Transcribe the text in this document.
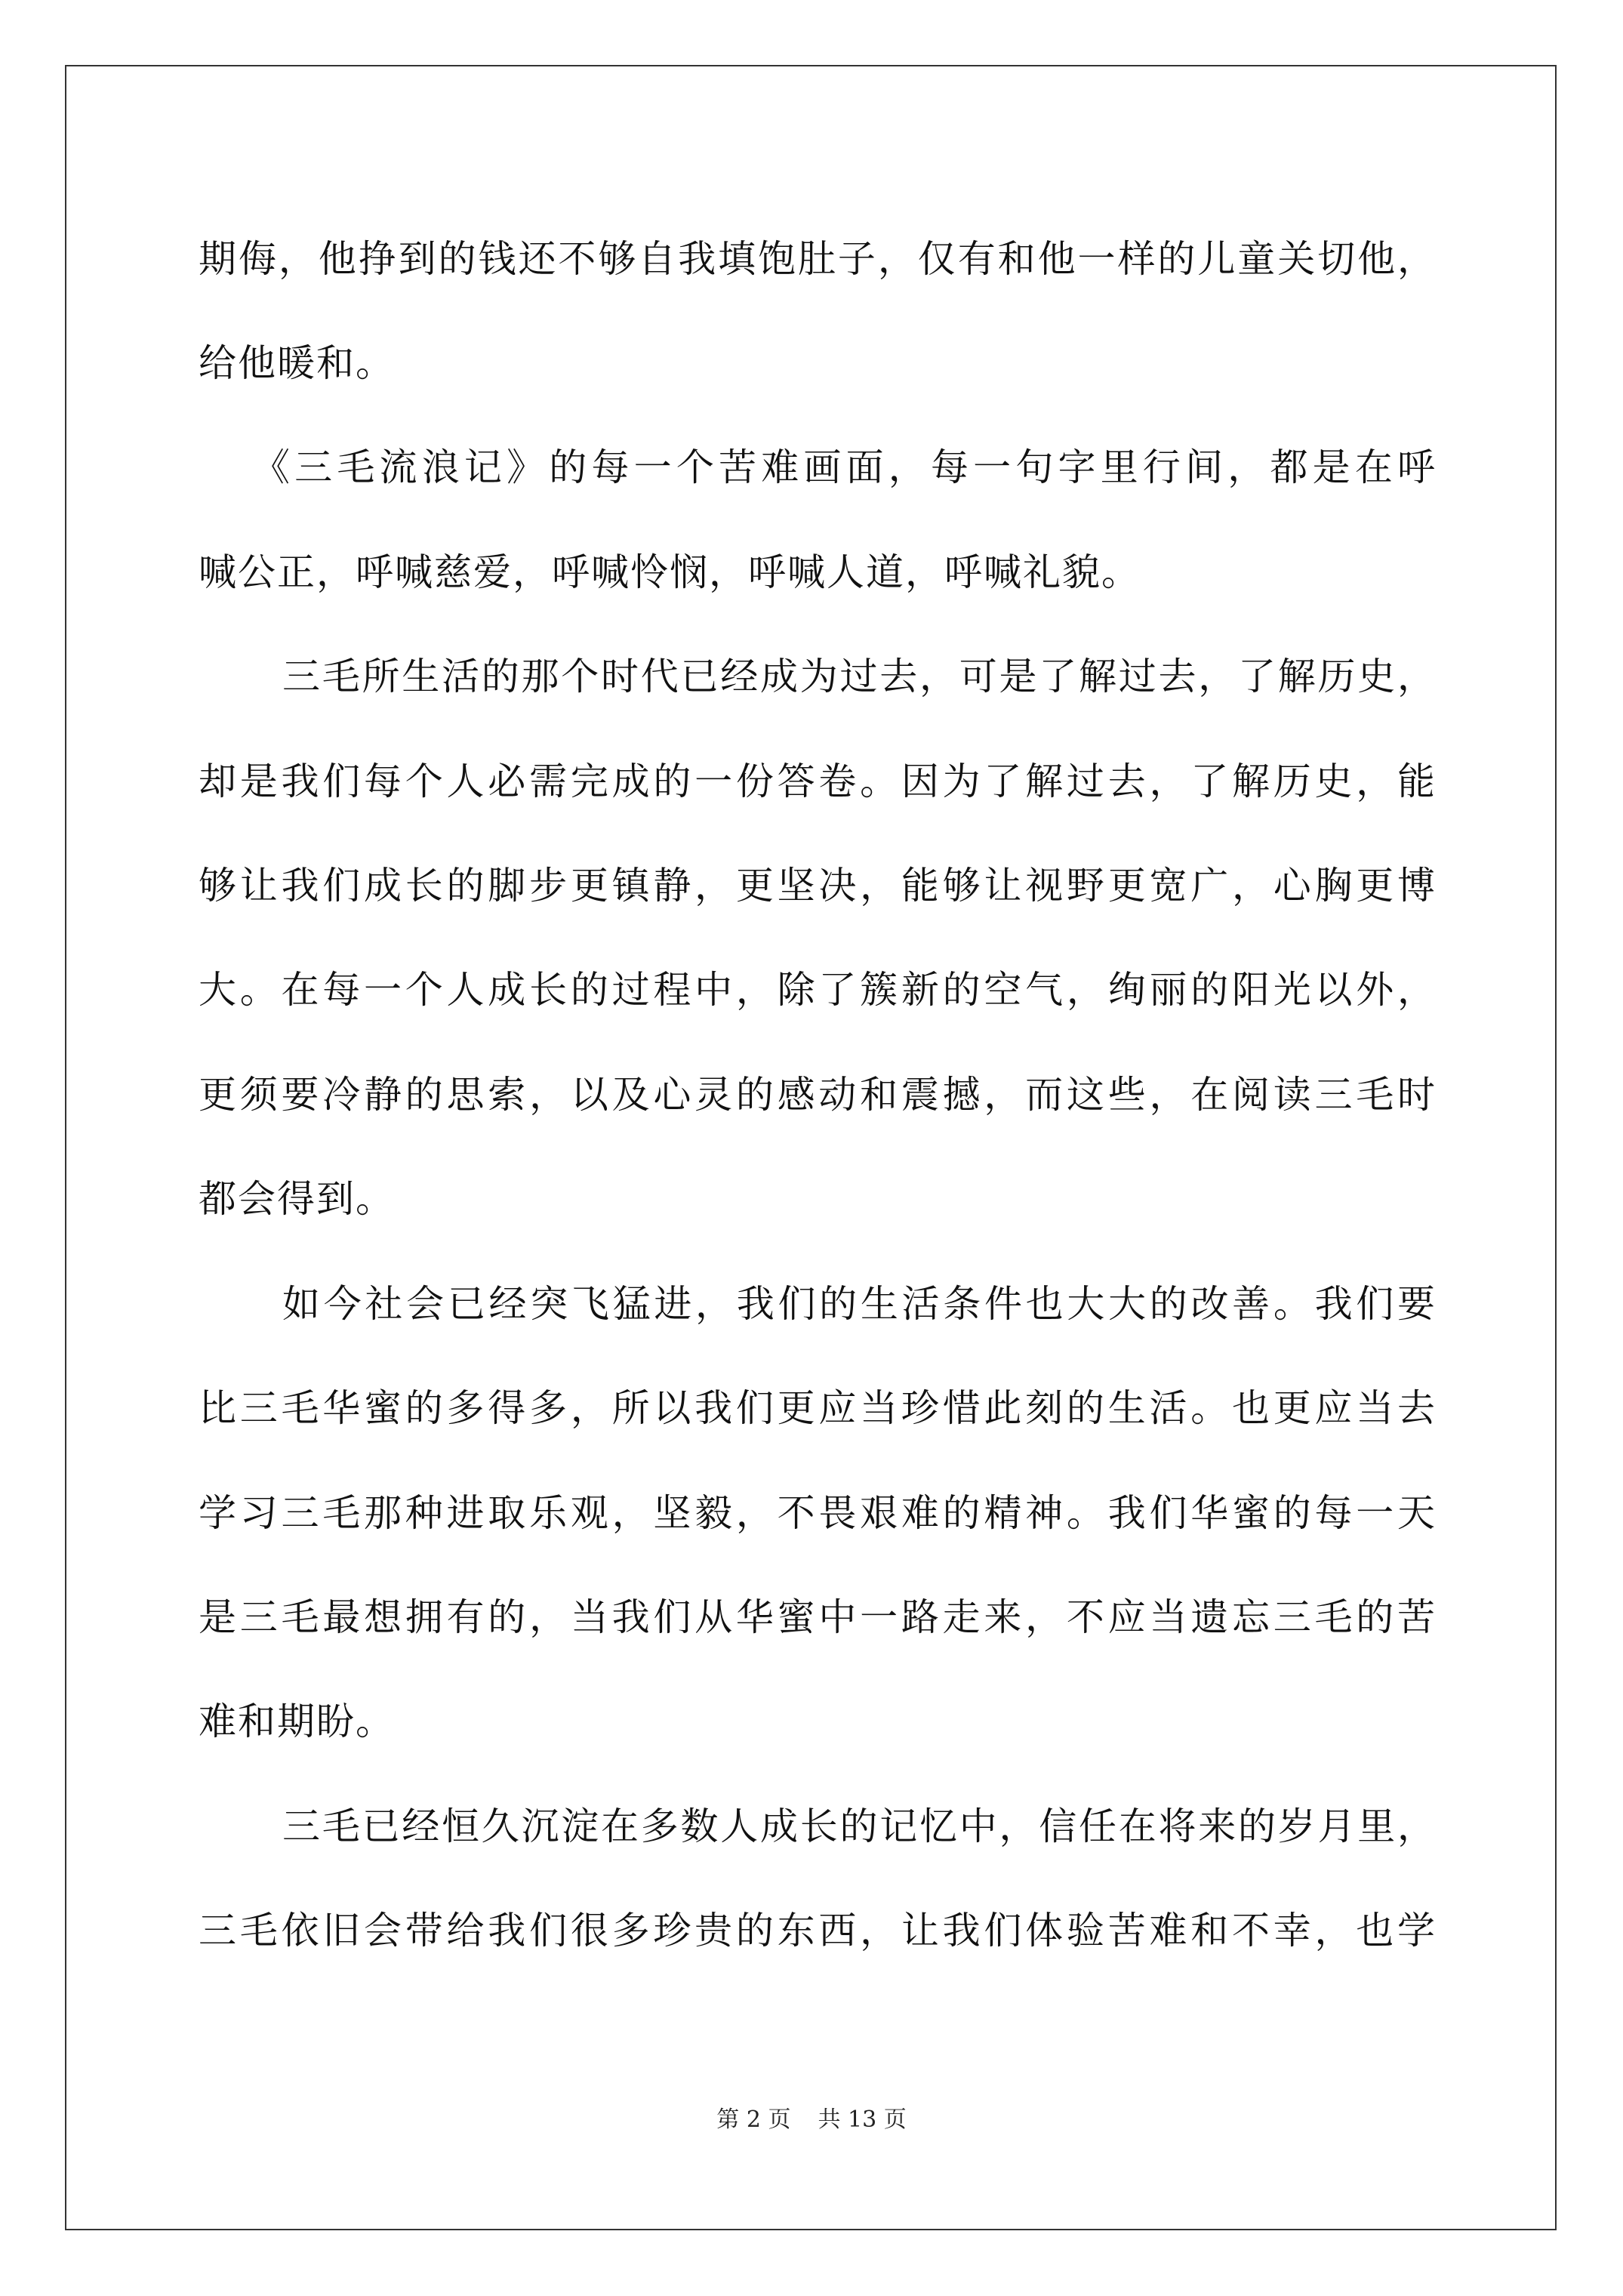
期侮，他挣到的钱还不够自我填饱肚子，仅有和他一样的儿童关切他，
给他暖和。
《三毛流浪记》的每一个苦难画面，每一句字里行间，都是在呼
喊公正，呼喊慈爱，呼喊怜悯，呼喊人道，呼喊礼貌。
三毛所生活的那个时代已经成为过去，可是了解过去，了解历史，
却是我们每个人必需完成的一份答卷。因为了解过去，了解历史，能
够让我们成长的脚步更镇静，更坚决，能够让视野更宽广，心胸更博
大。在每一个人成长的过程中，除了簇新的空气，绚丽的阳光以外，
更须要冷静的思索，以及心灵的感动和震撼，而这些，在阅读三毛时
都会得到。
如今社会已经突飞猛进，我们的生活条件也大大的改善。我们要
比三毛华蜜的多得多，所以我们更应当珍惜此刻的生活。也更应当去
学习三毛那种进取乐观，坚毅，不畏艰难的精神。我们华蜜的每一天
是三毛最想拥有的，当我们从华蜜中一路走来，不应当遗忘三毛的苦
难和期盼。
三毛已经恒久沉淀在多数人成长的记忆中，信任在将来的岁月里，
三毛依旧会带给我们很多珍贵的东西，让我们体验苦难和不幸，也学
第 2 页 共 13 页
